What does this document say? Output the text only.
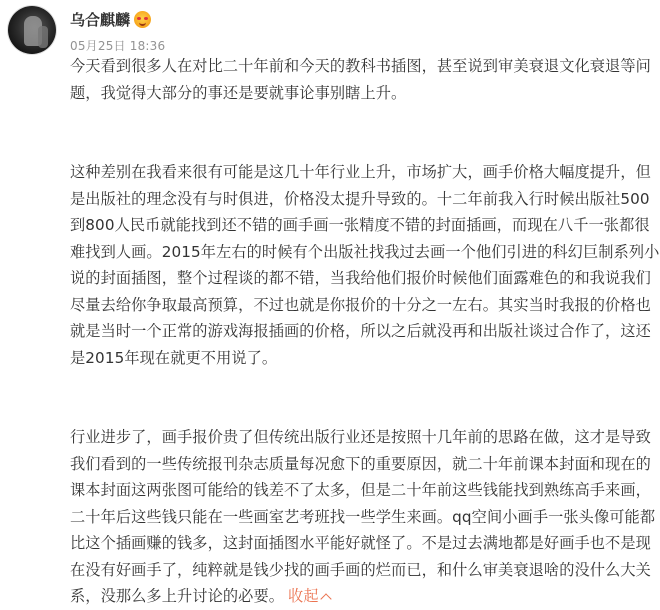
乌合麒麟
05月25日 18:36

今天看到很多人在对比二十年前和今天的教科书插图，甚至说到审美衰退文化衰退等问
题，我觉得大部分的事还是要就事论事别瞎上升。

这种差别在我看来很有可能是这几十年行业上升，市场扩大，画手价格大幅度提升，但
是出版社的理念没有与时俱进，价格没太提升导致的。十二年前我入行时候出版社500
到800人民币就能找到还不错的画手画一张精度不错的封面插画，而现在八千一张都很
难找到人画。2015年左右的时候有个出版社找我过去画一个他们引进的科幻巨制系列小
说的封面插图，整个过程谈的都不错，当我给他们报价时候他们面露难色的和我说我们
尽量去给你争取最高预算，不过也就是你报价的十分之一左右。其实当时我报的价格也
就是当时一个正常的游戏海报插画的价格，所以之后就没再和出版社谈过合作了，这还
是2015年现在就更不用说了。

行业进步了，画手报价贵了但传统出版行业还是按照十几年前的思路在做，这才是导致
我们看到的一些传统报刊杂志质量每况愈下的重要原因，就二十年前课本封面和现在的
课本封面这两张图可能给的钱差不了太多，但是二十年前这些钱能找到熟练高手来画，
二十年后这些钱只能在一些画室艺考班找一些学生来画。qq空间小画手一张头像可能都
比这个插画赚的钱多，这封面插图水平能好就怪了。不是过去满地都是好画手也不是现
在没有好画手了，纯粹就是钱少找的画手画的烂而已，和什么审美衰退啥的没什么大关
系，没那么多上升讨论的必要。 收起
